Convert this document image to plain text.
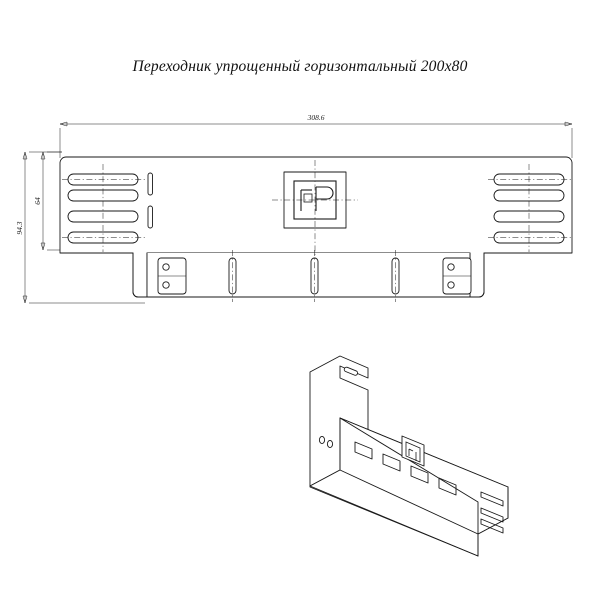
Переходник упрощенный горизонтальный 200х80
308.6
64
94.3
